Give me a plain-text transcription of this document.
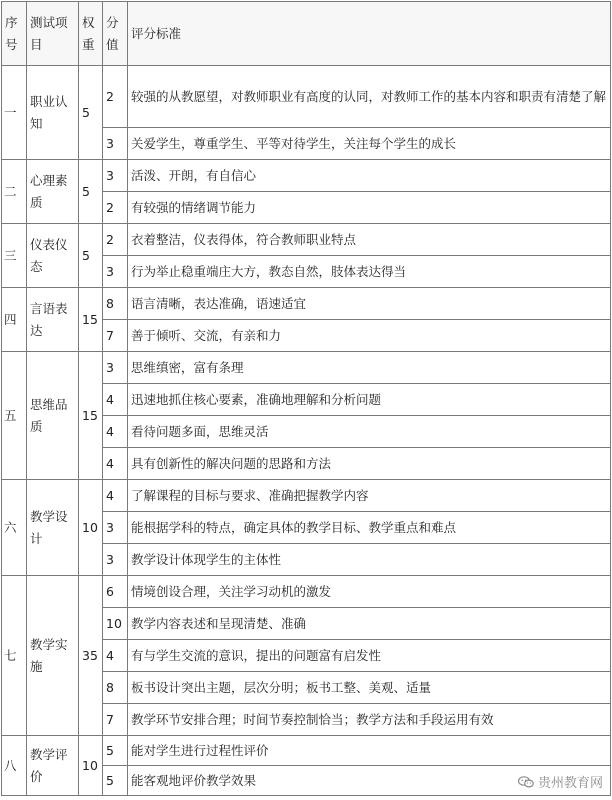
序号	测试项目	权重	分值	评分标准
一	职业认知	5	2	较强的从教愿望，对教师职业有高度的认同，对教师工作的基本内容和职责有清楚了解
			3	关爱学生，尊重学生、平等对待学生，关注每个学生的成长
二	心理素质	5	3	活泼、开朗，有自信心
			2	有较强的情绪调节能力
三	仪表仪态	5	2	衣着整洁，仪表得体，符合教师职业特点
			3	行为举止稳重端庄大方，教态自然，肢体表达得当
四	言语表达	15	8	语言清晰，表达准确，语速适宜
			7	善于倾听、交流，有亲和力
五	思维品质	15	3	思维缜密，富有条理
			4	迅速地抓住核心要素，准确地理解和分析问题
			4	看待问题多面，思维灵活
			4	具有创新性的解决问题的思路和方法
六	教学设计	10	4	了解课程的目标与要求、准确把握教学内容
			3	能根据学科的特点，确定具体的教学目标、教学重点和难点
			3	教学设计体现学生的主体性
七	教学实施	35	6	情境创设合理，关注学习动机的激发
			10	教学内容表述和呈现清楚、准确
			4	有与学生交流的意识，提出的问题富有启发性
			8	板书设计突出主题，层次分明；板书工整、美观、适量
			7	教学环节安排合理；时间节奏控制恰当；教学方法和手段运用有效
八	教学评价	10	5	能对学生进行过程性评价
			5	能客观地评价教学效果	贵州教育网
